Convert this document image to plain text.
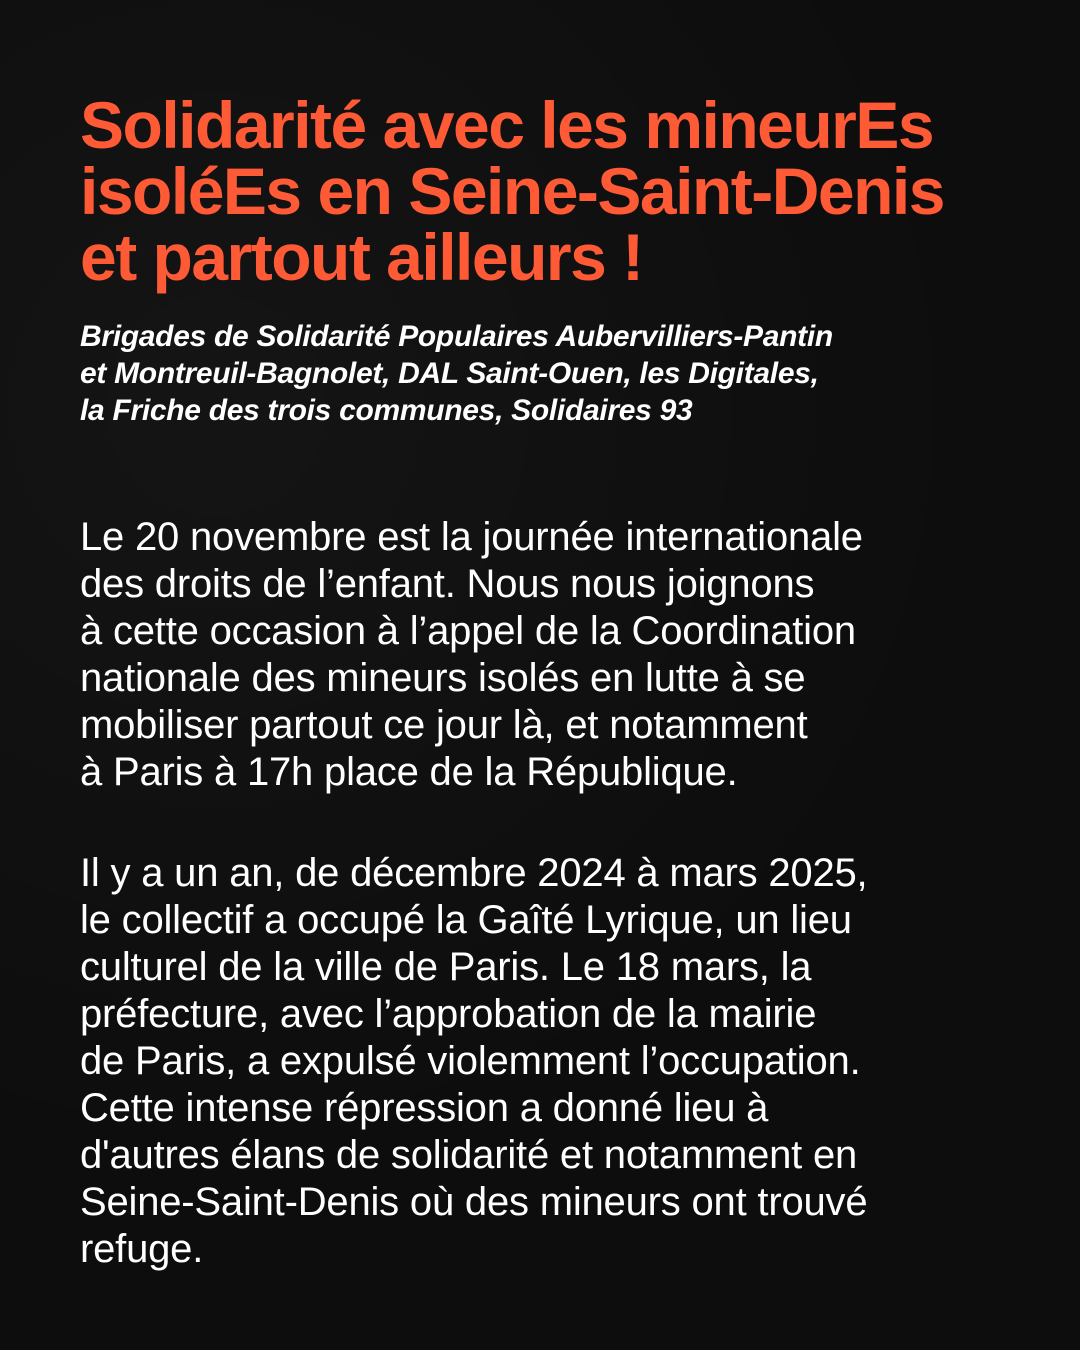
Solidarité avec les mineurEs
isoléEs en Seine-Saint-Denis
et partout ailleurs !

Brigades de Solidarité Populaires Aubervilliers-Pantin
et Montreuil-Bagnolet, DAL Saint-Ouen, les Digitales,
la Friche des trois communes, Solidaires 93

Le 20 novembre est la journée internationale
des droits de l’enfant. Nous nous joignons
à cette occasion à l’appel de la Coordination
nationale des mineurs isolés en lutte à se
mobiliser partout ce jour là, et notamment
à Paris à 17h place de la République.

Il y a un an, de décembre 2024 à mars 2025,
le collectif a occupé la Gaîté Lyrique, un lieu
culturel de la ville de Paris. Le 18 mars, la
préfecture, avec l’approbation de la mairie
de Paris, a expulsé violemment l’occupation.
Cette intense répression a donné lieu à
d'autres élans de solidarité et notamment en
Seine-Saint-Denis où des mineurs ont trouvé
refuge.
